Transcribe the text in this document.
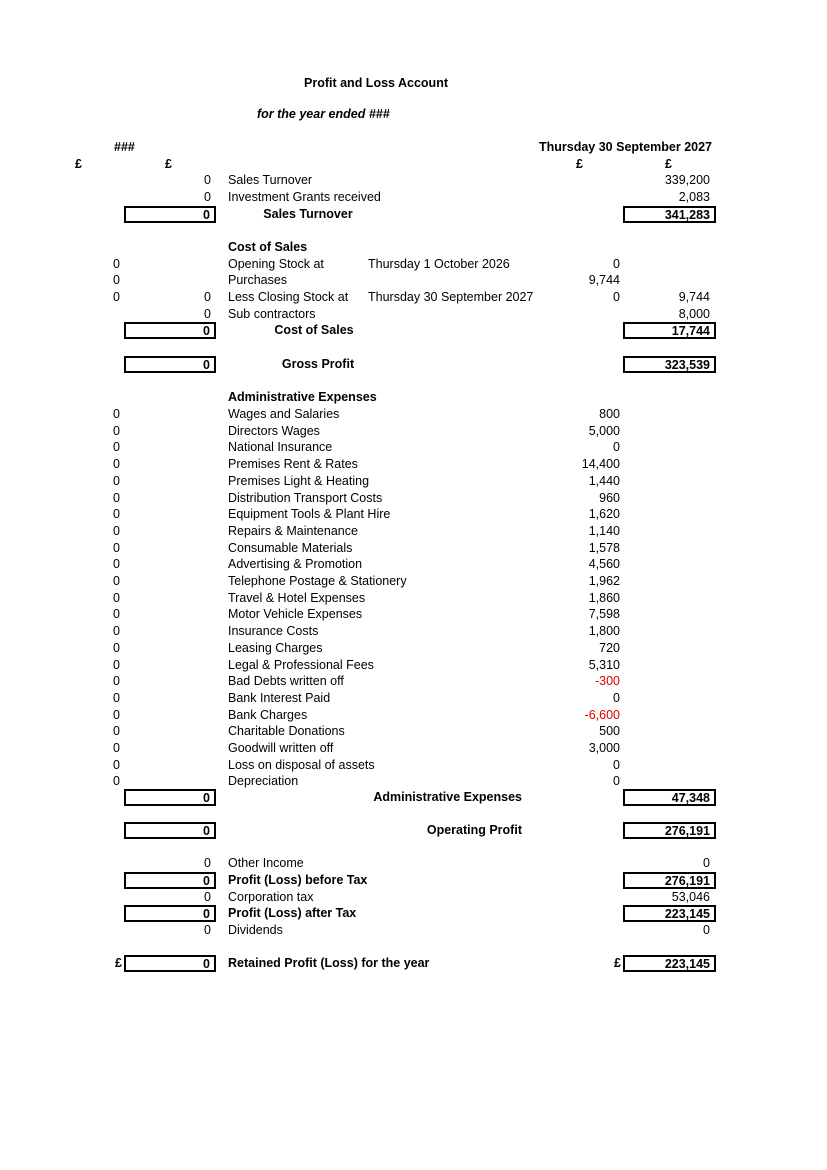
Profit and Loss Account
for the year ended ###
###	Thursday 30 September 2027
£	£	£	£
0 Sales Turnover	339,200
0 Investment Grants received	2,083
0	Sales Turnover	341,283
Cost of Sales
0	Opening Stock at	Thursday 1 October 2026	0
0	Purchases	9,744
0	0 Less Closing Stock at Thursday 30 September 2027	0	9,744
0 Sub contractors	8,000
0	Cost of Sales	17,744
0	Gross Profit	323,539
Administrative Expenses
0	Wages and Salaries	800
0	Directors Wages	5,000
0	National Insurance	0
0	Premises Rent & Rates	14,400
0	Premises Light & Heating	1,440
0	Distribution Transport Costs	960
0	Equipment Tools & Plant Hire	1,620
0	Repairs & Maintenance	1,140
0	Consumable Materials	1,578
0	Advertising & Promotion	4,560
0	Telephone Postage & Stationery	1,962
0	Travel & Hotel Expenses	1,860
0	Motor Vehicle Expenses	7,598
0	Insurance Costs	1,800
0	Leasing Charges	720
0	Legal & Professional Fees	5,310
0	Bad Debts written off	-300
0	Bank Interest Paid	0
0	Bank Charges	-6,600
0	Charitable Donations	500
0	Goodwill written off	3,000
0	Loss on disposal of assets	0
0	Depreciation	0
0	Administrative Expenses	47,348
0	Operating Profit	276,191
0 Other Income	0
0	Profit (Loss) before Tax	276,191
0 Corporation tax	53,046
0	Profit (Loss) after Tax	223,145
0 Dividends	0
£	0	Retained Profit (Loss) for the year	£	223,145
